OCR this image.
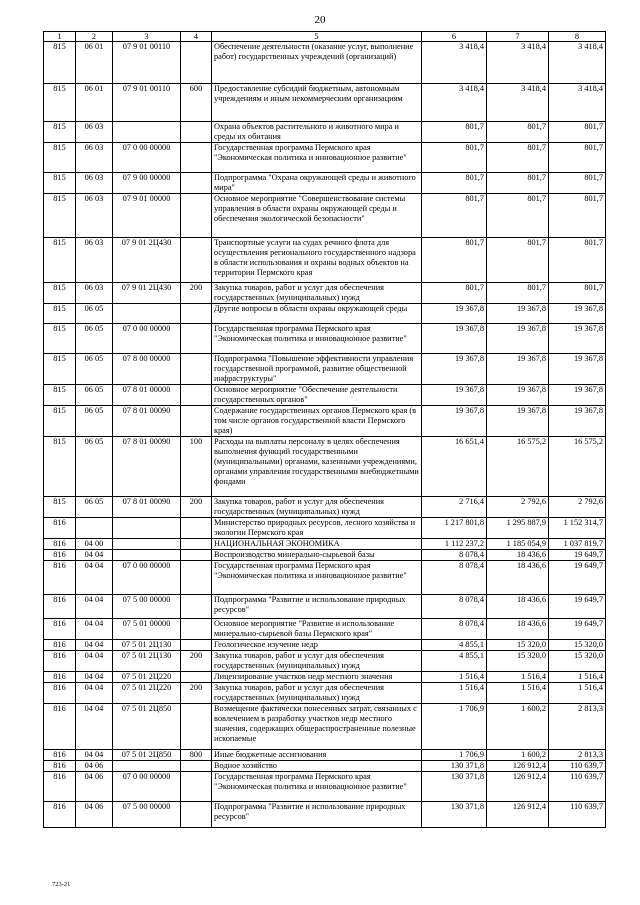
20
1	2	3	4	5	6	7	8
815	06 01	07 9 01 00110		Обеспечение деятельности (оказание услуг, выполнение работ) государственных учреждений (организаций)	3 418,4	3 418,4	3 418,4
815	06 01	07 9 01 00110	600	Предоставление субсидий бюджетным, автономным учреждениям и иным некоммерческим организациям	3 418,4	3 418,4	3 418,4
815	06 03			Охрана объектов растительного и животного мира и среды их обитания	801,7	801,7	801,7
815	06 03	07 0 00 00000		Государственная программа Пермского края "Экономическая политика и инновационное развитие"	801,7	801,7	801,7
815	06 03	07 9 00 00000		Подпрограмма "Охрана окружающей среды и животного мира"	801,7	801,7	801,7
815	06 03	07 9 01 00000		Основное мероприятие "Совершенствование системы управления в области охраны окружающей среды и обеспечения экологической безопасности"	801,7	801,7	801,7
815	06 03	07 9 01 2Ц430		Транспортные услуги на судах речного флота для осуществления регионального государственного надзора в области использования и охраны водных объектов на территории Пермского края	801,7	801,7	801,7
815	06 03	07 9 01 2Ц430	200	Закупка товаров, работ и услуг для обеспечения государственных (муниципальных) нужд	801,7	801,7	801,7
815	06 05			Другие вопросы в области охраны окружающей среды	19 367,8	19 367,8	19 367,8
815	06 05	07 0 00 00000		Государственная программа Пермского края "Экономическая политика и инновационное развитие"	19 367,8	19 367,8	19 367,8
815	06 05	07 8 00 00000		Подпрограмма "Повышение эффективности управления государственной программой, развитие общественной инфраструктуры"	19 367,8	19 367,8	19 367,8
815	06 05	07 8 01 00000		Основное мероприятие "Обеспечение деятельности государственных органов"	19 367,8	19 367,8	19 367,8
815	06 05	07 8 01 00090		Содержание государственных органов Пермского края (в том числе органов государственной власти Пермского края)	19 367,8	19 367,8	19 367,8
815	06 05	07 8 01 00090	100	Расходы на выплаты персоналу в целях обеспечения выполнения функций государственными (муниципальными) органами, казенными учреждениями, органами управления государственными внебюджетными фондами	16 651,4	16 575,2	16 575,2
815	06 05	07 8 01 00090	200	Закупка товаров, работ и услуг для обеспечения государственных (муниципальных) нужд	2 716,4	2 792,6	2 792,6
816				Министерство природных ресурсов, лесного хозяйства и экологии Пермского края	1 217 801,8	1 295 887,9	1 152 314,7
816	04 00			НАЦИОНАЛЬНАЯ ЭКОНОМИКА	1 112 237,2	1 185 054,9	1 037 819,7
816	04 04			Воспроизводство минерально-сырьевой базы	8 078,4	18 436,6	19 649,7
816	04 04	07 0 00 00000		Государственная программа Пермского края "Экономическая политика и инновационное развитие"	8 078,4	18 436,6	19 649,7
816	04 04	07 5 00 00000		Подпрограмма "Развитие и использование природных ресурсов"	8 078,4	18 436,6	19 649,7
816	04 04	07 5 01 00000		Основное мероприятие "Развитие и использование минерально-сырьевой базы Пермского края"	8 078,4	18 436,6	19 649,7
816	04 04	07 5 01 2Ц130		Геологическое изучение недр	4 855,1	15 320,0	15 320,0
816	04 04	07 5 01 2Ц130	200	Закупка товаров, работ и услуг для обеспечения государственных (муниципальных) нужд	4 855,1	15 320,0	15 320,0
816	04 04	07 5 01 2Ц220		Лицензирование участков недр местного значения	1 516,4	1 516,4	1 516,4
816	04 04	07 5 01 2Ц220	200	Закупка товаров, работ и услуг для обеспечения государственных (муниципальных) нужд	1 516,4	1 516,4	1 516,4
816	04 04	07 5 01 2Ц850		Возмещение фактически понесенных затрат, связанных с вовлечением в разработку участков недр местного значения, содержащих общераспространенные полезные ископаемые	1 706,9	1 600,2	2 813,3
816	04 04	07 5 01 2Ц850	800	Иные бюджетные ассигнования	1 706,9	1 600,2	2 813,3
816	04 06			Водное хозяйство	130 371,8	126 912,4	110 639,7
816	04 06	07 0 00 00000		Государственная программа Пермского края "Экономическая политика и инновационное развитие"	130 371,8	126 912,4	110 639,7
816	04 06	07 5 00 00000		Подпрограмма "Развитие и использование природных ресурсов"	130 371,8	126 912,4	110 639,7
723-21
